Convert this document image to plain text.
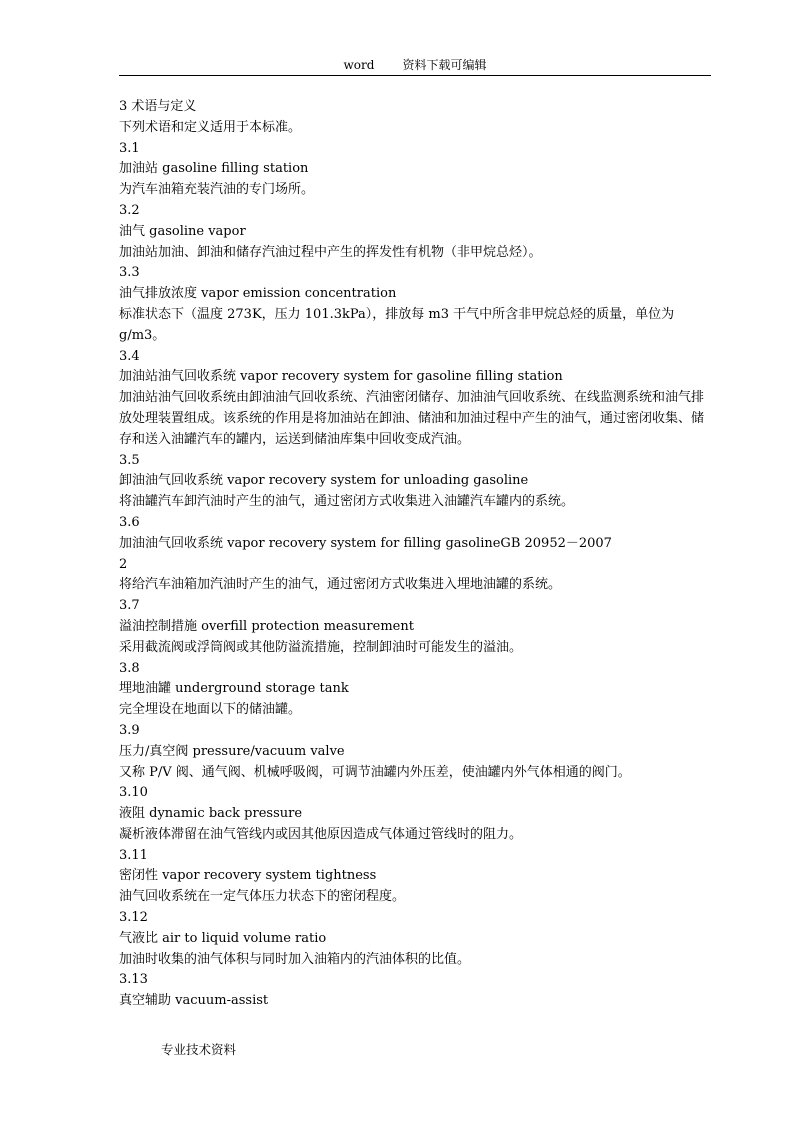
word 资料下载可编辑
3 术语与定义
下列术语和定义适用于本标准。
3.1
加油站 gasoline filling station
为汽车油箱充装汽油的专门场所。
3.2
油气 gasoline vapor
加油站加油、卸油和储存汽油过程中产生的挥发性有机物（非甲烷总烃）。
3.3
油气排放浓度 vapor emission concentration
标准状态下（温度 273K，压力 101.3kPa），排放每 m3 干气中所含非甲烷总烃的质量，单位为 g/m3。
3.4
加油站油气回收系统 vapor recovery system for gasoline filling station
加油站油气回收系统由卸油油气回收系统、汽油密闭储存、加油油气回收系统、在线监测系统和油气排放处理装置组成。该系统的作用是将加油站在卸油、储油和加油过程中产生的油气，通过密闭收集、储存和送入油罐汽车的罐内，运送到储油库集中回收变成汽油。
3.5
卸油油气回收系统 vapor recovery system for unloading gasoline
将油罐汽车卸汽油时产生的油气，通过密闭方式收集进入油罐汽车罐内的系统。
3.6
加油油气回收系统 vapor recovery system for filling gasolineGB 20952－2007
2
将给汽车油箱加汽油时产生的油气，通过密闭方式收集进入埋地油罐的系统。
3.7
溢油控制措施 overfill protection measurement
采用截流阀或浮筒阀或其他防溢流措施，控制卸油时可能发生的溢油。
3.8
埋地油罐 underground storage tank
完全埋设在地面以下的储油罐。
3.9
压力/真空阀 pressure/vacuum valve
又称 P/V 阀、通气阀、机械呼吸阀，可调节油罐内外压差，使油罐内外气体相通的阀门。
3.10
液阻 dynamic back pressure
凝析液体滞留在油气管线内或因其他原因造成气体通过管线时的阻力。
3.11
密闭性 vapor recovery system tightness
油气回收系统在一定气体压力状态下的密闭程度。
3.12
气液比 air to liquid volume ratio
加油时收集的油气体积与同时加入油箱内的汽油体积的比值。
3.13
真空辅助 vacuum-assist
专业技术资料
